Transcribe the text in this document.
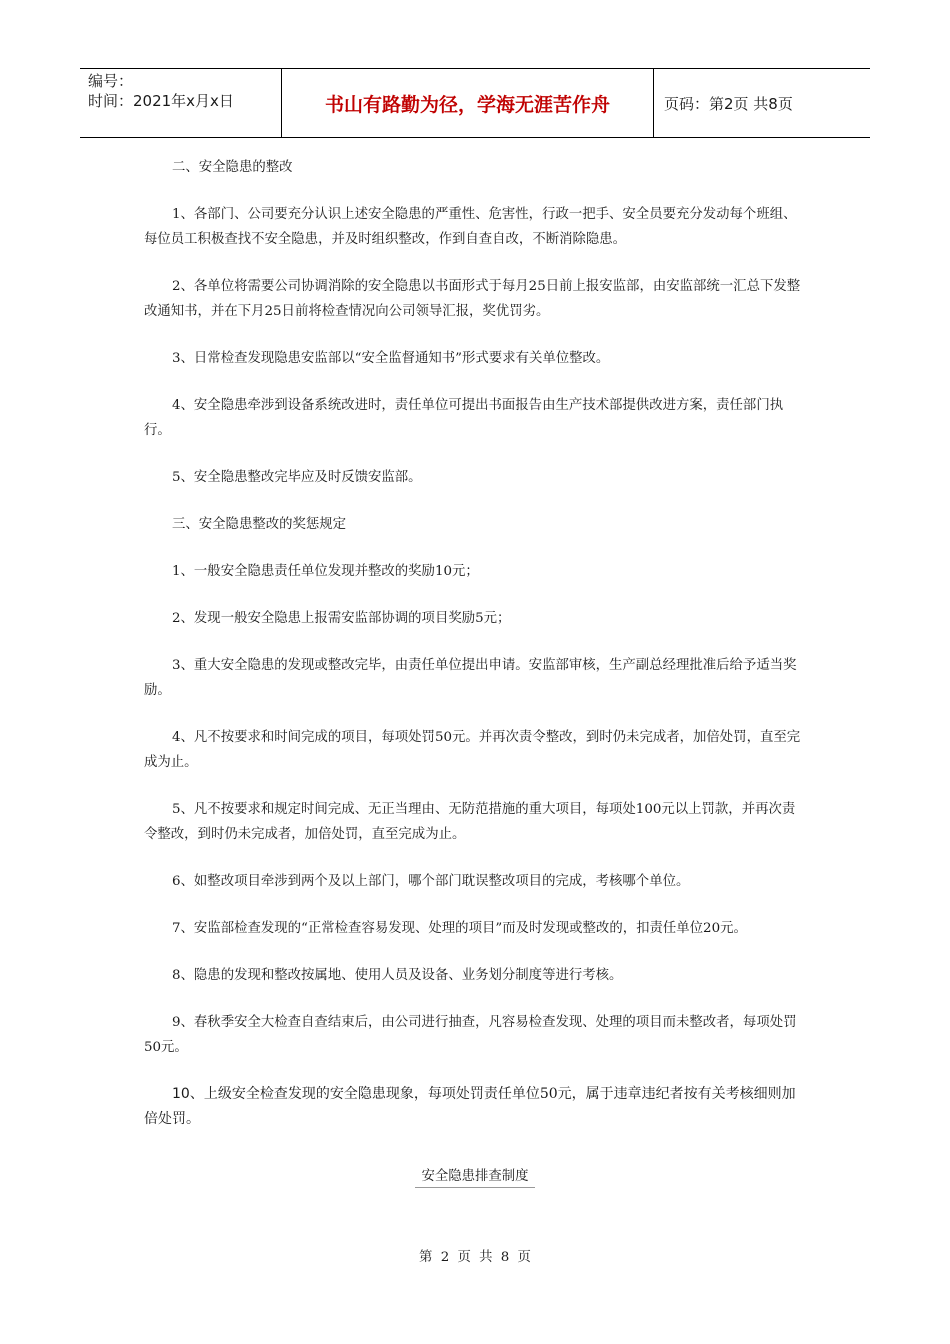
编号：
时间：2021年x月x日	书山有路勤为径，学海无涯苦作舟	页码：第2页 共8页

二、安全隐患的整改

1、各部门、公司要充分认识上述安全隐患的严重性、危害性，行政一把手、安全员要充分发动每个班组、每位员工积极查找不安全隐患，并及时组织整改，作到自查自改，不断消除隐患。

2、各单位将需要公司协调消除的安全隐患以书面形式于每月25日前上报安监部，由安监部统一汇总下发整改通知书，并在下月25日前将检查情况向公司领导汇报，奖优罚劣。

3、日常检查发现隐患安监部以“安全监督通知书”形式要求有关单位整改。

4、安全隐患牵涉到设备系统改进时，责任单位可提出书面报告由生产技术部提供改进方案，责任部门执行。

5、安全隐患整改完毕应及时反馈安监部。

三、安全隐患整改的奖惩规定

1、一般安全隐患责任单位发现并整改的奖励10元；

2、发现一般安全隐患上报需安监部协调的项目奖励5元；

3、重大安全隐患的发现或整改完毕，由责任单位提出申请。安监部审核，生产副总经理批准后给予适当奖励。

4、凡不按要求和时间完成的项目，每项处罚50元。并再次责令整改，到时仍未完成者，加倍处罚，直至完成为止。

5、凡不按要求和规定时间完成、无正当理由、无防范措施的重大项目，每项处100元以上罚款，并再次责令整改，到时仍未完成者，加倍处罚，直至完成为止。

6、如整改项目牵涉到两个及以上部门，哪个部门耽误整改项目的完成，考核哪个单位。

7、安监部检查发现的“正常检查容易发现、处理的项目”而及时发现或整改的，扣责任单位20元。

8、隐患的发现和整改按属地、使用人员及设备、业务划分制度等进行考核。

9、春秋季安全大检查自查结束后，由公司进行抽查，凡容易检查发现、处理的项目而未整改者，每项处罚50元。

10、上级安全检查发现的安全隐患现象，每项处罚责任单位50元，属于违章违纪者按有关考核细则加倍处罚。

安全隐患排查制度
第 2 页 共 8 页
